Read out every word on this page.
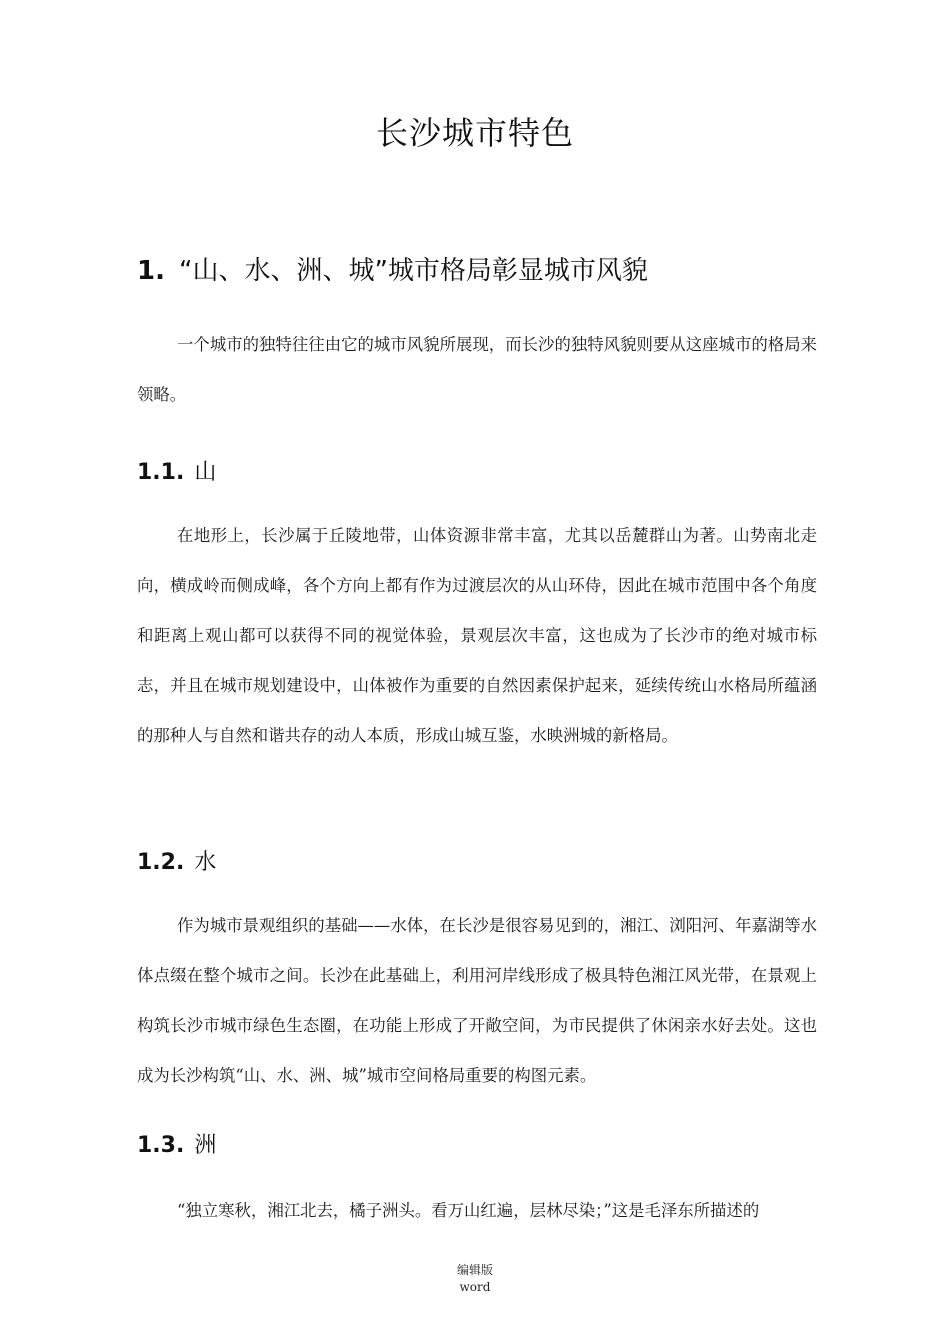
长沙城市特色
1. “山、水、洲、城”城市格局彰显城市风貌

一个城市的独特往往由它的城市风貌所展现，而长沙的独特风貌则要从这座城市的格局来领略。

1.1. 山

在地形上，长沙属于丘陵地带，山体资源非常丰富，尤其以岳麓群山为著。山势南北走向，横成岭而侧成峰，各个方向上都有作为过渡层次的从山环侍，因此在城市范围中各个角度和距离上观山都可以获得不同的视觉体验，景观层次丰富，这也成为了长沙市的绝对城市标志，并且在城市规划建设中，山体被作为重要的自然因素保护起来，延续传统山水格局所蕴涵的那种人与自然和谐共存的动人本质，形成山城互鉴，水映洲城的新格局。

1.2. 水

作为城市景观组织的基础——水体，在长沙是很容易见到的，湘江、浏阳河、年嘉湖等水体点缀在整个城市之间。长沙在此基础上，利用河岸线形成了极具特色湘江风光带，在景观上构筑长沙市城市绿色生态圈，在功能上形成了开敞空间，为市民提供了休闲亲水好去处。这也成为长沙构筑“山、水、洲、城”城市空间格局重要的构图元素。

1.3. 洲

“独立寒秋，湘江北去，橘子洲头。看万山红遍，层林尽染；”这是毛泽东所描述的

编辑版
word
